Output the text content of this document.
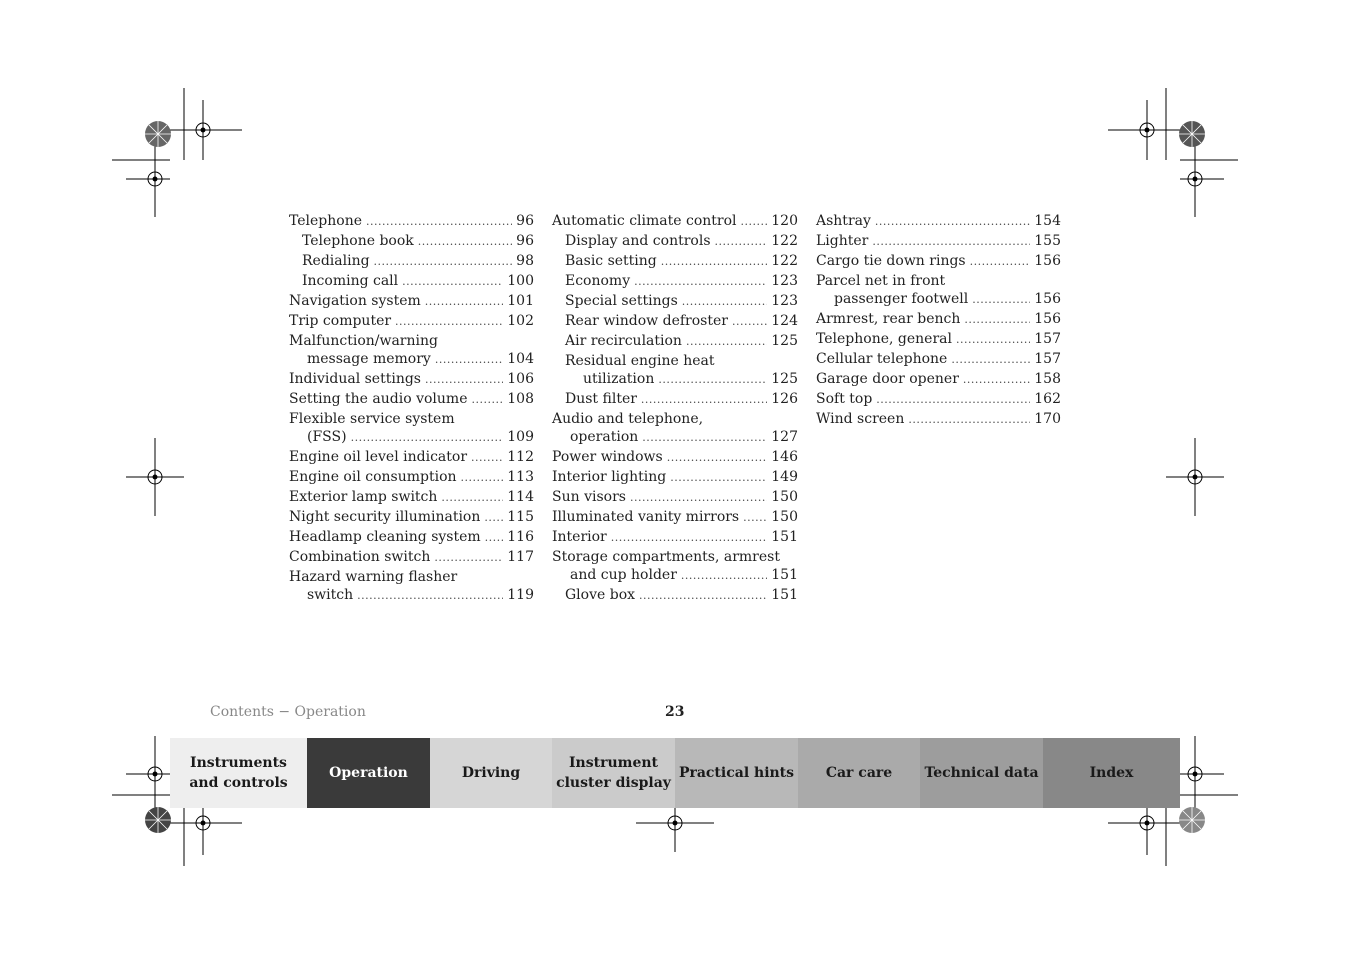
Telephone .....	96
Telephone book .....	96
Redialing .....	98
Incoming call .....	100
Navigation system .....	101
Trip computer .....	102
Malfunction/warning
message memory .....	104
Individual settings .....	106
Setting the audio volume .....	108
Flexible service system
(FSS) .....	109
Engine oil level indicator .....	112
Engine oil consumption .....	113
Exterior lamp switch .....	114
Night security illumination ..... 115
Headlamp cleaning system ..... 116
Combination switch .....	117
Hazard warning flasher
switch .....	119
Automatic climate control ..... 120
Display and controls .....	122
Basic setting .....	122
Economy .....	123
Special settings .....	123
Rear window defroster .....	124
Air recirculation .....	125
Residual engine heat
utilization .....	125
Dust filter .....	126
Audio and telephone,
operation .....	127
Power windows .....	146
Interior lighting .....	149
Sun visors .....	150
Illuminated vanity mirrors ..... 150
Interior .....	151
Storage compartments, armrest
and cup holder .....	151
Glove box .....	151
Ashtray .....	154
Lighter .....	155
Cargo tie down rings .....	156
Parcel net in front
passenger footwell .....	156
Armrest, rear bench .....	156
Telephone, general .....	157
Cellular telephone .....	157
Garage door opener .....	158
Soft top .....	162
Wind screen .....	170
Contents − Operation	23
Instruments and controls
Operation	Driving
Instrument cluster display
Practical hints Car care Technical data	Index
